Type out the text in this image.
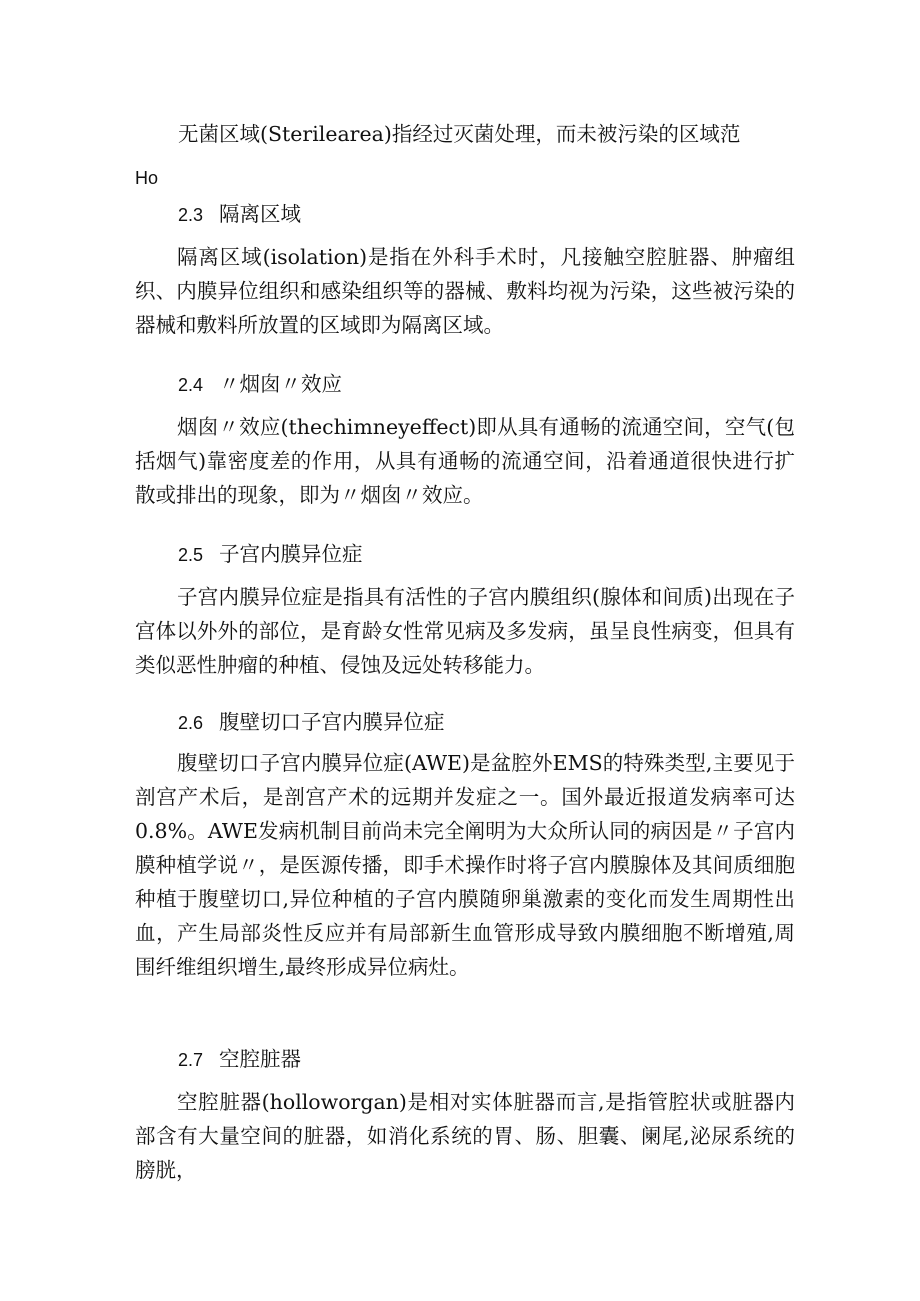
无菌区域(Sterilearea)指经过灭菌处理，而未被污染的区域范
Ho
2.3 隔离区域
隔离区域(isolation)是指在外科手术时，凡接触空腔脏器、肿瘤组织、内膜异位组织和感染组织等的器械、敷料均视为污染，这些被污染的器械和敷料所放置的区域即为隔离区域。
2.4 〃烟囱〃效应
烟囱〃效应(thechimneyeffect)即从具有通畅的流通空间，空气(包括烟气)靠密度差的作用，从具有通畅的流通空间，沿着通道很快进行扩散或排出的现象，即为〃烟囱〃效应。
2.5 子宫内膜异位症
子宫内膜异位症是指具有活性的子宫内膜组织(腺体和间质)出现在子宫体以外外的部位，是育龄女性常见病及多发病，虽呈良性病变，但具有类似恶性肿瘤的种植、侵蚀及远处转移能力。
2.6 腹壁切口子宫内膜异位症
腹壁切口子宫内膜异位症(AWE)是盆腔外EMS的特殊类型,主要见于剖宫产术后，是剖宫产术的远期并发症之一。国外最近报道发病率可达0.8%。AWE发病机制目前尚未完全阐明为大众所认同的病因是〃子宫内膜种植学说〃，是医源传播，即手术操作时将子宫内膜腺体及其间质细胞种植于腹壁切口,异位种植的子宫内膜随卵巢激素的变化而发生周期性出血，产生局部炎性反应并有局部新生血管形成导致内膜细胞不断增殖,周围纤维组织增生,最终形成异位病灶。
2.7 空腔脏器
空腔脏器(holloworgan)是相对实体脏器而言,是指管腔状或脏器内部含有大量空间的脏器，如消化系统的胃、肠、胆囊、阑尾,泌尿系统的膀胱，
